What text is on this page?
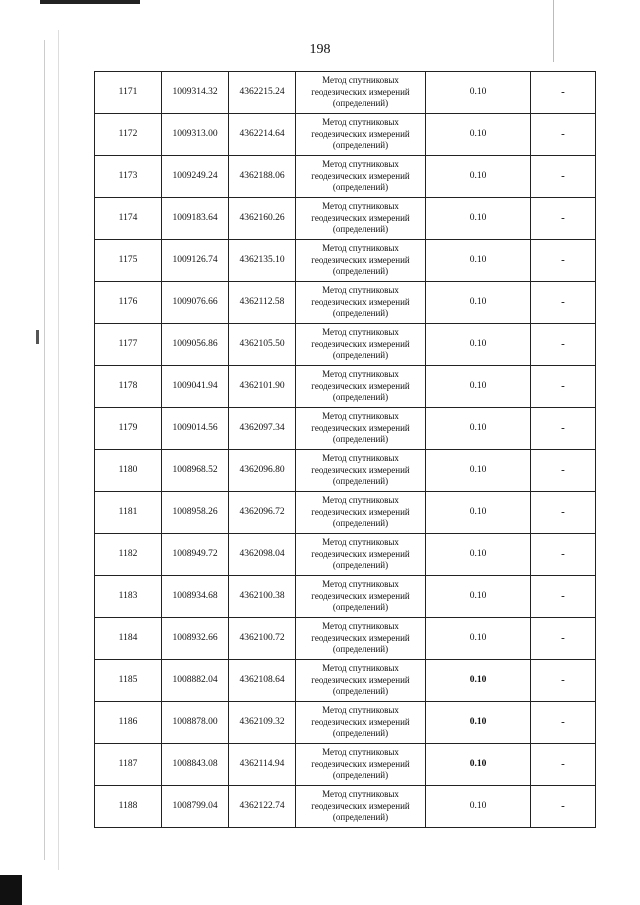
198
1171	1009314.32	4362215.24	Метод спутниковых
геодезических измерений
(определений)	0.10	-
1172	1009313.00	4362214.64	Метод спутниковых
геодезических измерений
(определений)	0.10	-
1173	1009249.24	4362188.06	Метод спутниковых
геодезических измерений
(определений)	0.10	-
1174	1009183.64	4362160.26	Метод спутниковых
геодезических измерений
(определений)	0.10	-
1175	1009126.74	4362135.10	Метод спутниковых
геодезических измерений
(определений)	0.10	-
1176	1009076.66	4362112.58	Метод спутниковых
геодезических измерений
(определений)	0.10	-
1177	1009056.86	4362105.50	Метод спутниковых
геодезических измерений
(определений)	0.10	-
1178	1009041.94	4362101.90	Метод спутниковых
геодезических измерений
(определений)	0.10	-
1179	1009014.56	4362097.34	Метод спутниковых
геодезических измерений
(определений)	0.10	-
1180	1008968.52	4362096.80	Метод спутниковых
геодезических измерений
(определений)	0.10	-
1181	1008958.26	4362096.72	Метод спутниковых
геодезических измерений
(определений)	0.10	-
1182	1008949.72	4362098.04	Метод спутниковых
геодезических измерений
(определений)	0.10	-
1183	1008934.68	4362100.38	Метод спутниковых
геодезических измерений
(определений)	0.10	-
1184	1008932.66	4362100.72	Метод спутниковых
геодезических измерений
(определений)	0.10	-
1185	1008882.04	4362108.64	Метод спутниковых
геодезических измерений
(определений)	0.10	-
1186	1008878.00	4362109.32	Метод спутниковых
геодезических измерений
(определений)	0.10	-
1187	1008843.08	4362114.94	Метод спутниковых
геодезических измерений
(определений)	0.10	-
1188	1008799.04	4362122.74	Метод спутниковых
геодезических измерений
(определений)	0.10	-
